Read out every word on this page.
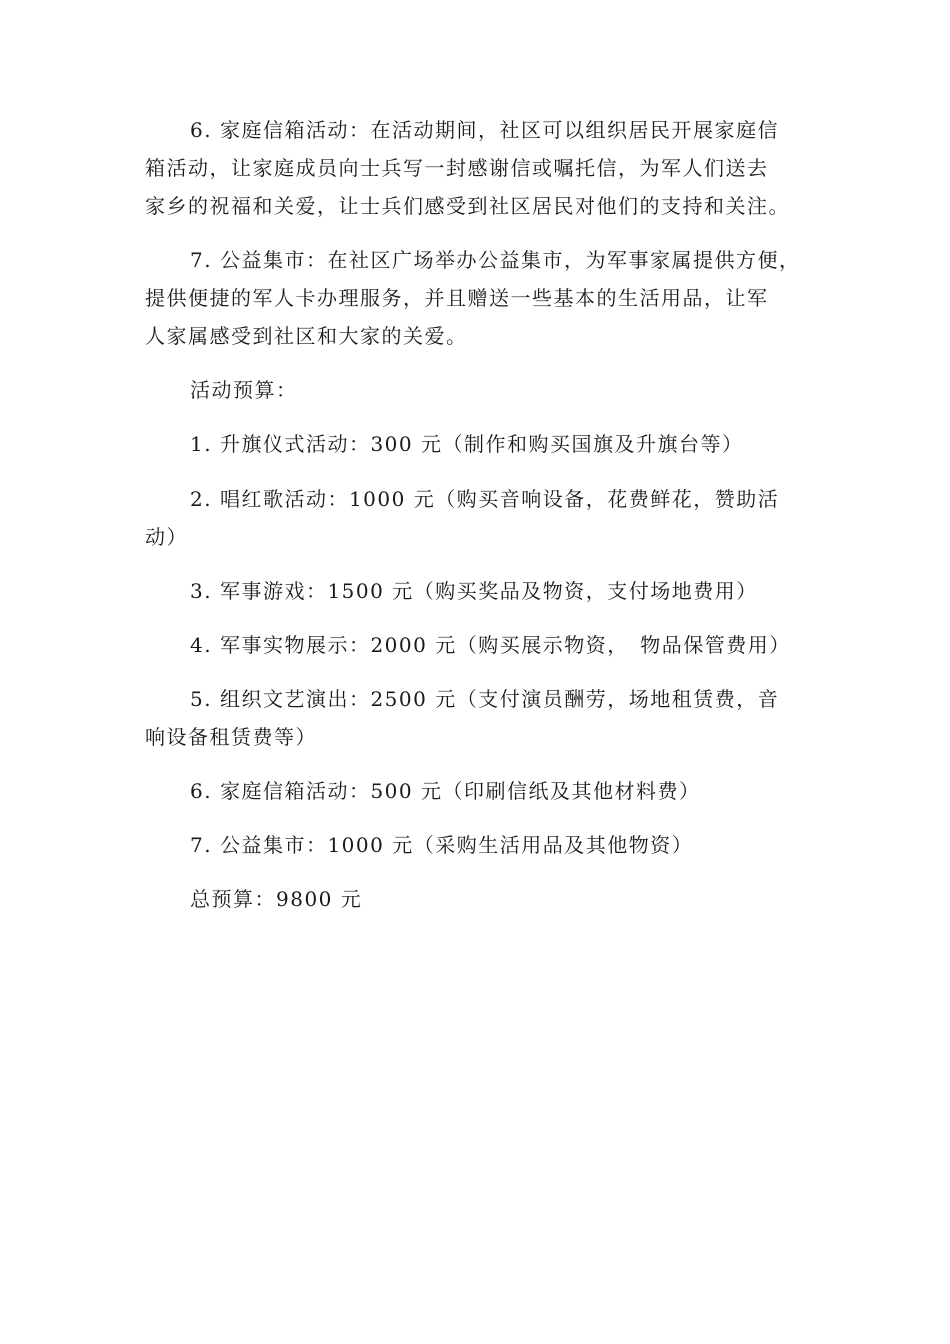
6. 家庭信箱活动：在活动期间，社区可以组织居民开展家庭信
箱活动，让家庭成员向士兵写一封感谢信或嘱托信，为军人们送去
家乡的祝福和关爱，让士兵们感受到社区居民对他们的支持和关注。
7. 公益集市：在社区广场举办公益集市，为军事家属提供方便，
提供便捷的军人卡办理服务，并且赠送一些基本的生活用品，让军
人家属感受到社区和大家的关爱。

活动预算：

1. 升旗仪式活动：300 元（制作和购买国旗及升旗台等）

2. 唱红歌活动：1000 元（购买音响设备，花费鲜花，赞助活
动）

3. 军事游戏：1500 元（购买奖品及物资，支付场地费用）

4. 军事实物展示：2000 元（购买展示物资，　物品保管费用）

5. 组织文艺演出：2500 元（支付演员酬劳，场地租赁费，音
响设备租赁费等）

6. 家庭信箱活动：500 元（印刷信纸及其他材料费）

7. 公益集市：1000 元（采购生活用品及其他物资）

总预算：9800 元
